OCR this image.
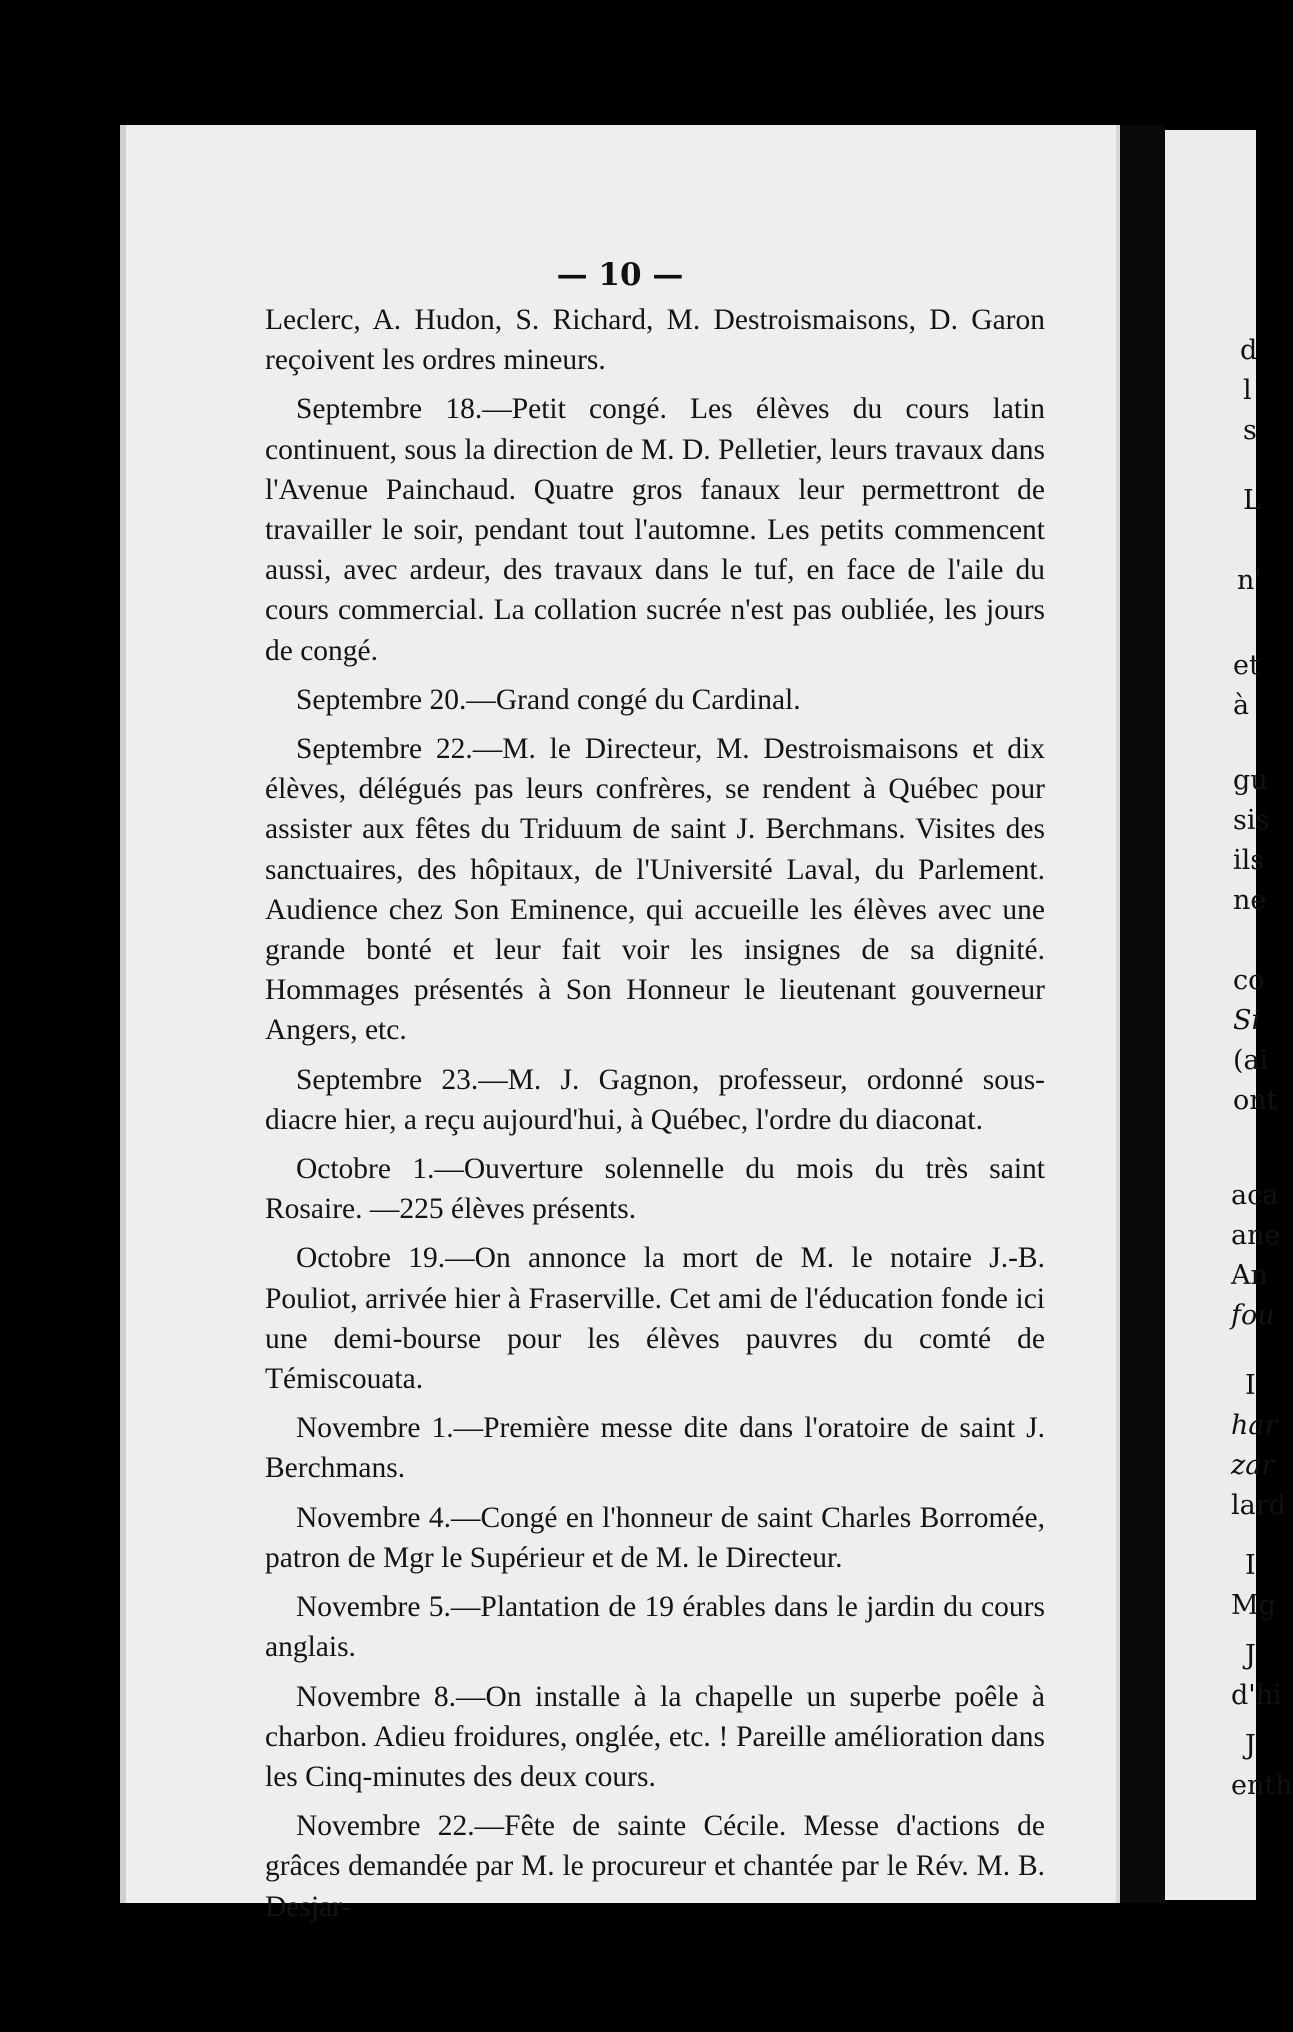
— 10 —

Leclerc, A. Hudon, S. Richard, M. Destroismaisons, D. Garon reçoivent les ordres mineurs.

Septembre 18.—Petit congé. Les élèves du cours latin continuent, sous la direction de M. D. Pelletier, leurs travaux dans l'Avenue Painchaud. Quatre gros fanaux leur permettront de travailler le soir, pendant tout l'automne. Les petits commencent aussi, avec ardeur, des travaux dans le tuf, en face de l'aile du cours commercial. La collation sucrée n'est pas oubliée, les jours de congé.

Septembre 20.—Grand congé du Cardinal.

Septembre 22.—M. le Directeur, M. Destroismaisons et dix élèves, délégués pas leurs confrères, se rendent à Québec pour assister aux fêtes du Triduum de saint J. Berchmans. Visites des sanctuaires, des hôpitaux, de l'Université Laval, du Parlement. Audience chez Son Eminence, qui accueille les élèves avec une grande bonté et leur fait voir les insignes de sa dignité. Hommages présentés à Son Honneur le lieutenant gouverneur Angers, etc.

Septembre 23.—M. J. Gagnon, professeur, ordonné sous-diacre hier, a reçu aujourd'hui, à Québec, l'ordre du diaconat.

Octobre 1.—Ouverture solennelle du mois du très saint Rosaire. —225 élèves présents.

Octobre 19.—On annonce la mort de M. le notaire J.-B. Pouliot, arrivée hier à Fraserville. Cet ami de l'éducation fonde ici une demi-bourse pour les élèves pauvres du comté de Témiscouata.

Novembre 1.—Première messe dite dans l'oratoire de saint J. Berchmans.

Novembre 4.—Congé en l'honneur de saint Charles Borromée, patron de Mgr le Supérieur et de M. le Directeur.

Novembre 5.—Plantation de 19 érables dans le jardin du cours anglais.

Novembre 8.—On installe à la chapelle un superbe poêle à charbon. Adieu froidures, onglée, etc. ! Pareille amélioration dans les Cinq-minutes des deux cours.

Novembre 22.—Fête de sainte Cécile. Messe d'actions de grâces demandée par M. le procureur et chantée par le Rév. M. B. Desjar-

d
l
s
L
n'
et
à
gu
sis
ils
ne
co
Si
(ai
ont
aca
ane
An
fou
I
har
zar
lard
I
Mg
J
d'hi
J
enth
